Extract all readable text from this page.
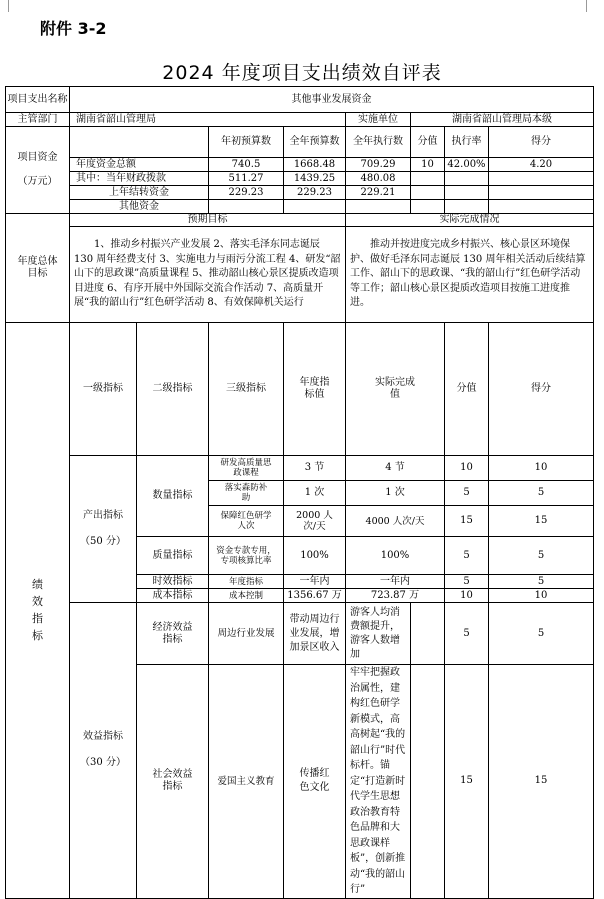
附件 3-2
2024 年度项目支出绩效自评表
项目支出名称	其他事业发展资金								
主管部门	湖南省韶山管理局				实施单位	湖南省韶山管理局本级			

项目资金
（万元）			年初预算数	全年预算数	全年执行数	分值	执行率	得分	
	年度资金总额		740.5	1668.48	709.29	10	42.00%	4.20	
	其中：当年财政拨款		511.27	1439.25	480.08				
	上年结转资金		229.23	229.23	229.21				
	其他资金								
年度总体目标	预期目标				实际完成情况				
	1、推动乡村振兴产业发展 2、落实毛泽东同志诞辰 130 周年经费支付 3、实施电力与雨污分流工程 4、研发“韶山下的思政课”高质量课程 5、推动韶山核心景区提质改造项目进度 6、有序开展中外国际交流合作活动 7、高质量开展“我的韶山行”红色研学活动 8、有效保障机关运行				推动并按进度完成乡村振兴、核心景区环境保护、做好毛泽东同志诞辰 130 周年相关活动后续结算工作、韶山下的思政课、“我的韶山行”红色研学活动等工作；韶山核心景区提质改造项目按施工进度推进。				

绩效指标	一级指标	二级指标	三级指标	年度指标值	实际完成值		分值	得分	

	产出指标
（50 分）	数量指标	研发高质量思政课程	3 节	4 节		10	10	
			落实森防补助	1 次	1 次		5	5	
			保障红色研学人次	2000 人次/天	4000 人次/天		15	15	
		质量指标	资金专款专用，专项核算比率	100%	100%		5	5	
		时效指标	年度指标	一年内	一年内		5	5	
		成本指标	成本控制	1356.67 万	723.87 万		10	10	

	效益指标
（30 分）	经济效益指标	周边行业发展	带动周边行业发展，增加景区收入	游客人均消费额提升，游客人数增加		5	5	
		社会效益指标	爱国主义教育	传播红色文化	牢牢把握政治属性，建构红色研学新模式，高高树起“我的韶山行”时代标杆。锚定“打造新时代学生思想政治教育特色品牌和大思政课样板”，创新推动“我的韶山行”		15	15	
